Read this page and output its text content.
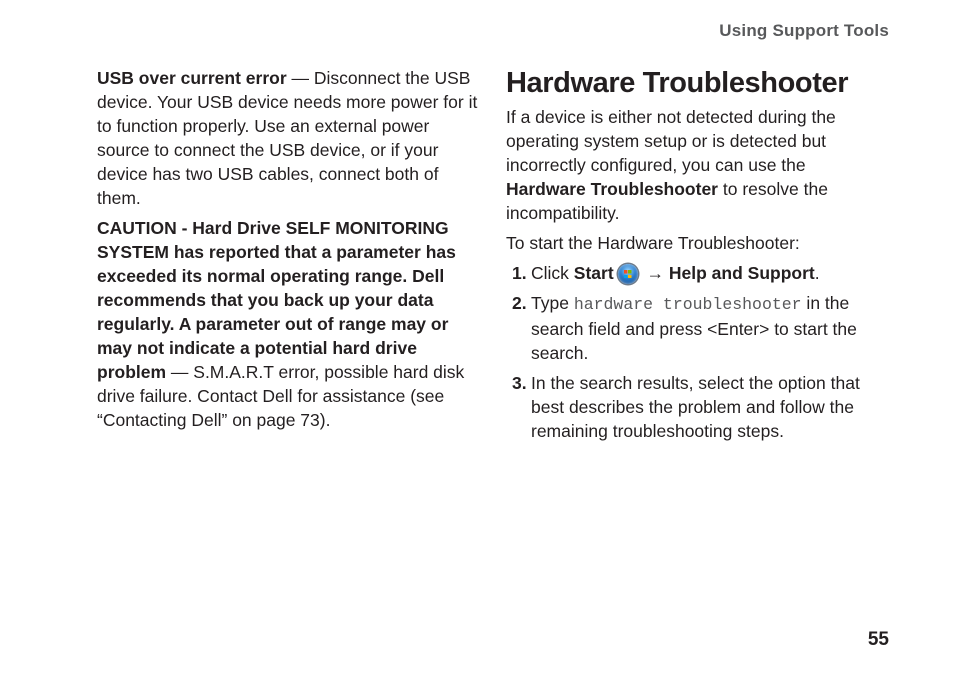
Using Support Tools

USB over current error — Disconnect the USB device. Your USB device needs more power for it to function properly. Use an external power source to connect the USB device, or if your device has two USB cables, connect both of them.

CAUTION - Hard Drive SELF MONITORING SYSTEM has reported that a parameter has exceeded its normal operating range. Dell recommends that you back up your data regularly. A parameter out of range may or may not indicate a potential hard drive problem — S.M.A.R.T error, possible hard disk drive failure. Contact Dell for assistance (see “Contacting Dell” on page 73).

Hardware Troubleshooter

If a device is either not detected during the operating system setup or is detected but incorrectly configured, you can use the Hardware Troubleshooter to resolve the incompatibility.

To start the Hardware Troubleshooter:

1. Click Start → Help and Support.
2. Type hardware troubleshooter in the search field and press <Enter> to start the search.
3. In the search results, select the option that best describes the problem and follow the remaining troubleshooting steps.
55
